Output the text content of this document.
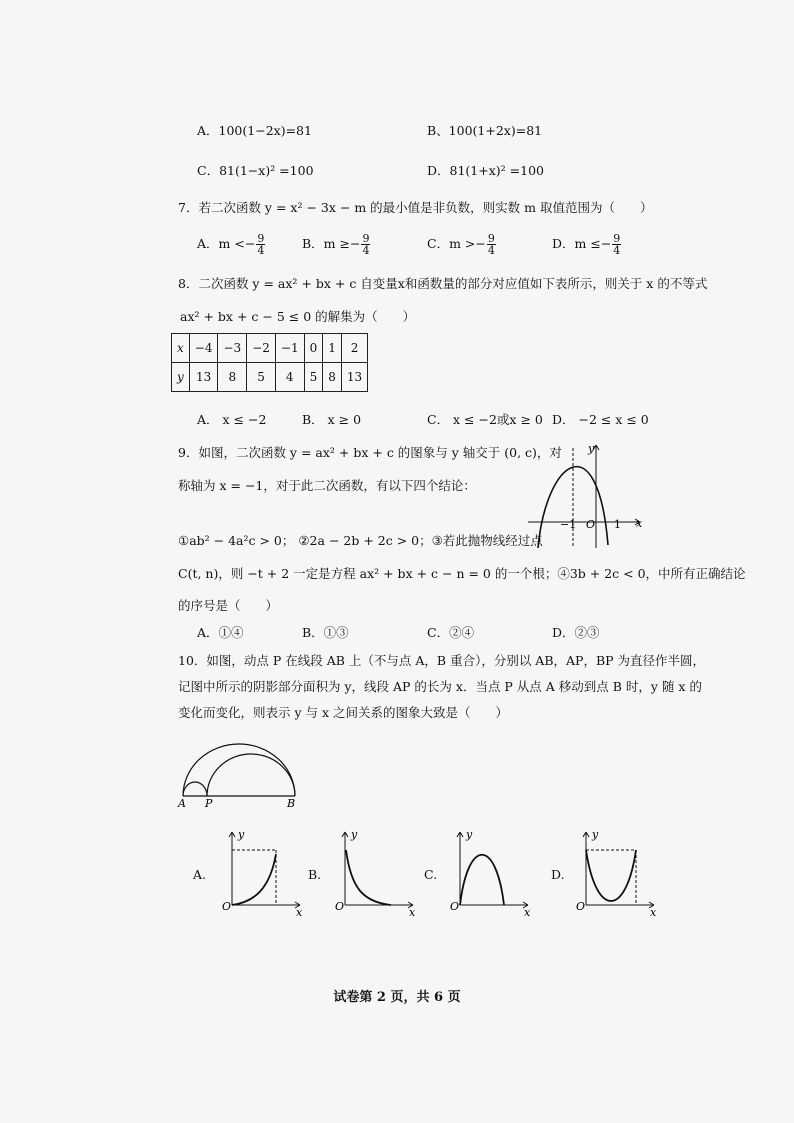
A．100(1−2x)=81	B、100(1+2x)=81
C．81(1−x)² =100	D．81(1+x)² =100
7．若二次函数 y = x² − 3x − m 的最小值是非负数，则实数 m 取值范围为（　　）
A．$m <- \frac{9}{4}$	B．$m \ge- \frac{9}{4}$	C．$m >- \frac{9}{4}$	D．$m \le- \frac{9}{4}$
8．二次函数 y = ax² + bx + c 自变量x和函数量的部分对应值如下表所示，则关于 x 的不等式
ax² + bx + c − 5 ≤ 0 的解集为（　　）
x	−4	−3	−2	−1	0	1	2
y	13	8	5	4	5	8	13
A． x ≤ −2	B． x ≥ 0	C． x ≤ −2或x ≥ 0 D． −2 ≤ x ≤ 0
9．如图，二次函数 y = ax² + bx + c 的图象与 y 轴交于 (0, c)，对
称轴为 x = −1，对于此二次函数，有以下四个结论：
①ab² − 4a²c > 0； ②2a − 2b + 2c > 0；③若此抛物线经过点
C(t, n)，则 −t + 2 一定是方程 ax² + bx + c − n = 0 的一个根；④3b + 2c < 0，中所有正确结论
的序号是（　　）
y
x
−1 O 1
A．①④	B．①③	C．②④	D．②③
10．如图，动点 P 在线段 AB 上（不与点 A，B 重合），分别以 AB，AP，BP 为直径作半圆，
记图中所示的阴影部分面积为 y，线段 AP 的长为 x．当点 P 从点 A 移动到点 B 时，y 随 x 的
变化而变化，则表示 y 与 x 之间关系的图象大致是（　　）
A P	B
A.
y
x
O
B.
y
x
O
C.
y
x
O
D.
y
x
O
试卷第 2 页，共 6 页
